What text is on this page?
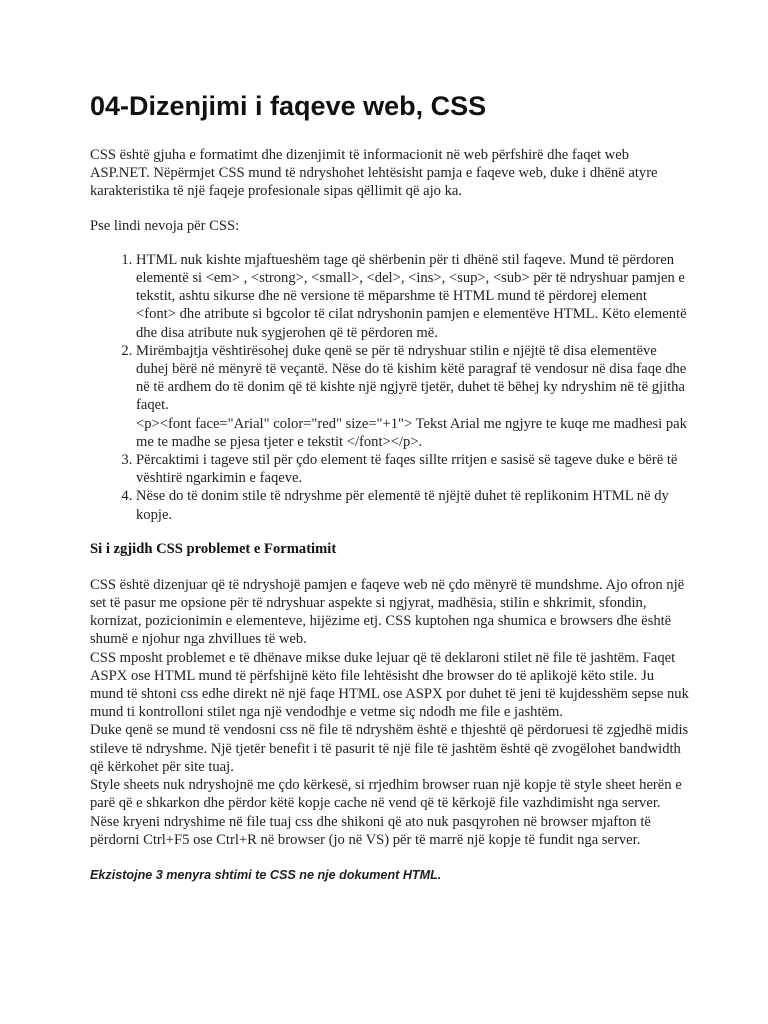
04-Dizenjimi i faqeve web, CSS

CSS është gjuha e formatimt dhe dizenjimit të informacionit në web përfshirë dhe faqet web ASP.NET. Nëpërmjet CSS mund të ndryshohet lehtësisht pamja e faqeve web, duke i dhënë atyre karakteristika të një faqeje profesionale sipas qëllimit që ajo ka.

Pse lindi nevoja për CSS:

1. HTML nuk kishte mjaftueshëm tage që shërbenin për ti dhënë stil faqeve. Mund të përdoren elementë si <em> , <strong>, <small>, <del>, <ins>, <sup>, <sub> për të ndryshuar pamjen e tekstit, ashtu sikurse dhe në versione të mëparshme të HTML mund të përdorej element <font> dhe atribute si bgcolor të cilat ndryshonin pamjen e elementëve HTML. Këto elementë dhe disa atribute nuk sygjerohen që të përdoren më.
2. Mirëmbajtja vështirësohej duke qenë se për të ndryshuar stilin e njëjtë të disa elementëve duhej bërë në mënyrë të veçantë. Nëse do të kishim këtë paragraf të vendosur në disa faqe dhe në të ardhem do të donim që të kishte një ngjyrë tjetër, duhet të bëhej ky ndryshim në të gjitha faqet.
<p><font face="Arial" color="red" size="+1"> Tekst Arial me ngjyre te kuqe me madhesi pak me te madhe se pjesa tjeter e tekstit </font></p>.
3. Përcaktimi i tageve stil për çdo element të faqes sillte rritjen e sasisë së tageve duke e bërë të vështirë ngarkimin e faqeve.
4. Nëse do të donim stile të ndryshme për elementë të njëjtë duhet të replikonim HTML në dy kopje.
Si i zgjidh CSS problemet e Formatimit

CSS është dizenjuar që të ndryshojë pamjen e faqeve web në çdo mënyrë të mundshme. Ajo ofron një set të pasur me opsione për të ndryshuar aspekte si ngjyrat, madhësia, stilin e shkrimit, sfondin, kornizat, pozicionimin e elementeve, hijëzime etj. CSS kuptohen nga shumica e browsers dhe është shumë e njohur nga zhvillues të web.

CSS mposht problemet e të dhënave mikse duke lejuar që të deklaroni stilet në file të jashtëm. Faqet ASPX ose HTML mund të përfshijnë këto file lehtësisht dhe browser do të aplikojë këto stile. Ju mund të shtoni css edhe direkt në një faqe HTML ose ASPX por duhet të jeni të kujdesshëm sepse nuk mund ti kontrolloni stilet nga një vendodhje e vetme siç ndodh me file e jashtëm.

Duke qenë se mund të vendosni css në file të ndryshëm është e thjeshtë që përdoruesi të zgjedhë midis stileve të ndryshme. Një tjetër benefit i të pasurit të një file të jashtëm është që zvogëlohet bandwidth që kërkohet për site tuaj.

Style sheets nuk ndryshojnë me çdo kërkesë, si rrjedhim browser ruan një kopje të style sheet herën e parë që e shkarkon dhe përdor këtë kopje cache në vend që të kërkojë file vazhdimisht nga server. Nëse kryeni ndryshime në file tuaj css dhe shikoni që ato nuk pasqyrohen në browser mjafton të përdorni Ctrl+F5 ose Ctrl+R në browser (jo në VS) për të marrë një kopje të fundit nga server.

Ekzistojne 3 menyra shtimi te CSS ne nje dokument HTML.
